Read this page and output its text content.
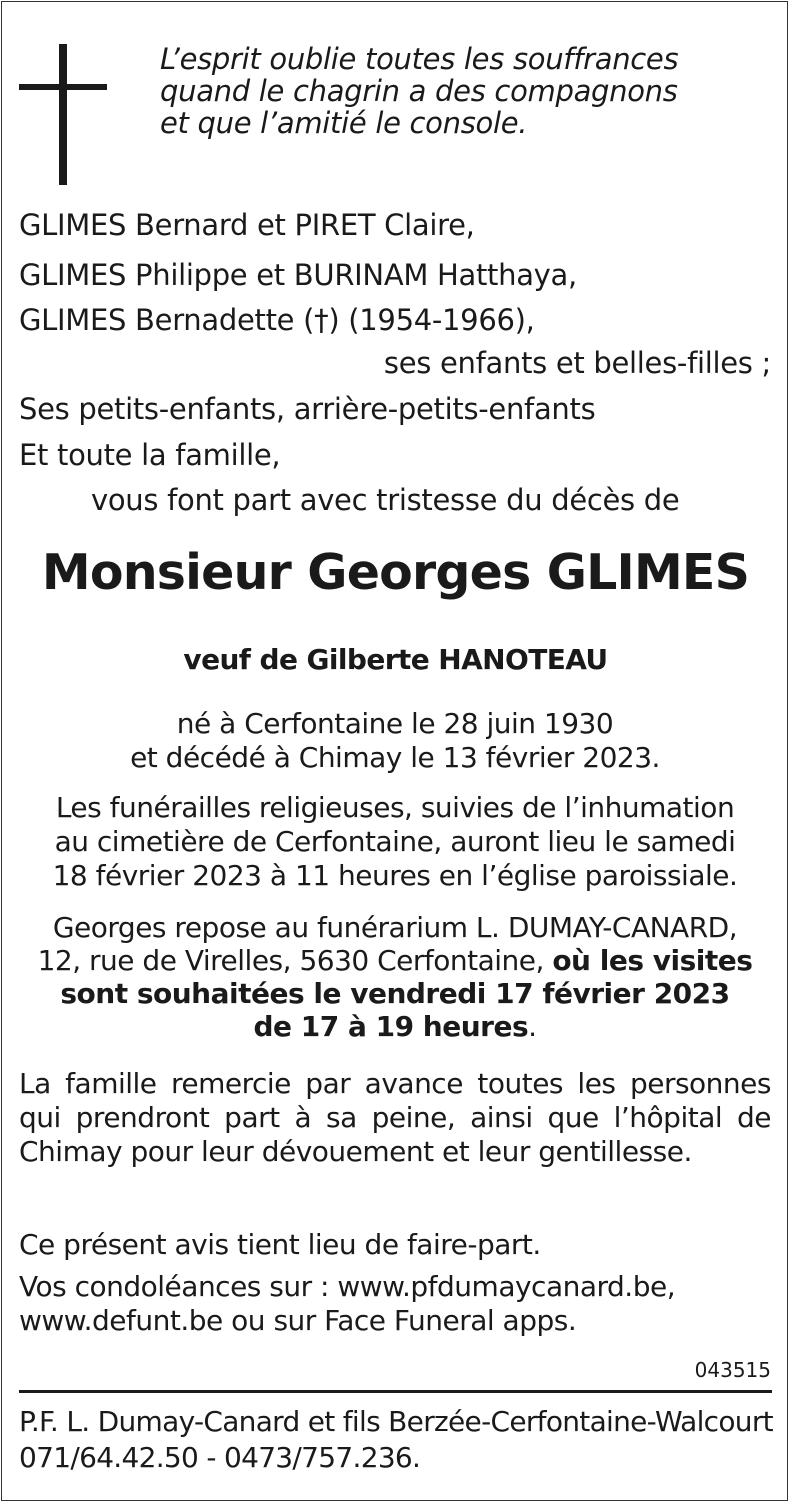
L’esprit oublie toutes les souffrances
quand le chagrin a des compagnons
et que l’amitié le console.
GLIMES Bernard et PIRET Claire,
GLIMES Philippe et BURINAM Hatthaya,
GLIMES Bernadette (†) (1954-1966),
ses enfants et belles-filles ;
Ses petits-enfants, arrière-petits-enfants
Et toute la famille,
vous font part avec tristesse du décès de
Monsieur Georges GLIMES
veuf de Gilberte HANOTEAU
né à Cerfontaine le 28 juin 1930
et décédé à Chimay le 13 février 2023.
Les funérailles religieuses, suivies de l’inhumation
au cimetière de Cerfontaine, auront lieu le samedi
18 février 2023 à 11 heures en l’église paroissiale.
Georges repose au funérarium L. DUMAY-CANARD,
12, rue de Virelles, 5630 Cerfontaine, où les visites
sont souhaitées le vendredi 17 février 2023
de 17 à 19 heures.
La famille remercie par avance toutes les personnes qui prendront part à sa peine, ainsi que l’hôpital de Chimay pour leur dévouement et leur gentillesse.
Ce présent avis tient lieu de faire-part.
Vos condoléances sur : www.pfdumaycanard.be,
www.defunt.be ou sur Face Funeral apps.
043515
P.F. L. Dumay-Canard et fils Berzée-Cerfontaine-Walcourt
071/64.42.50 - 0473/757.236.
